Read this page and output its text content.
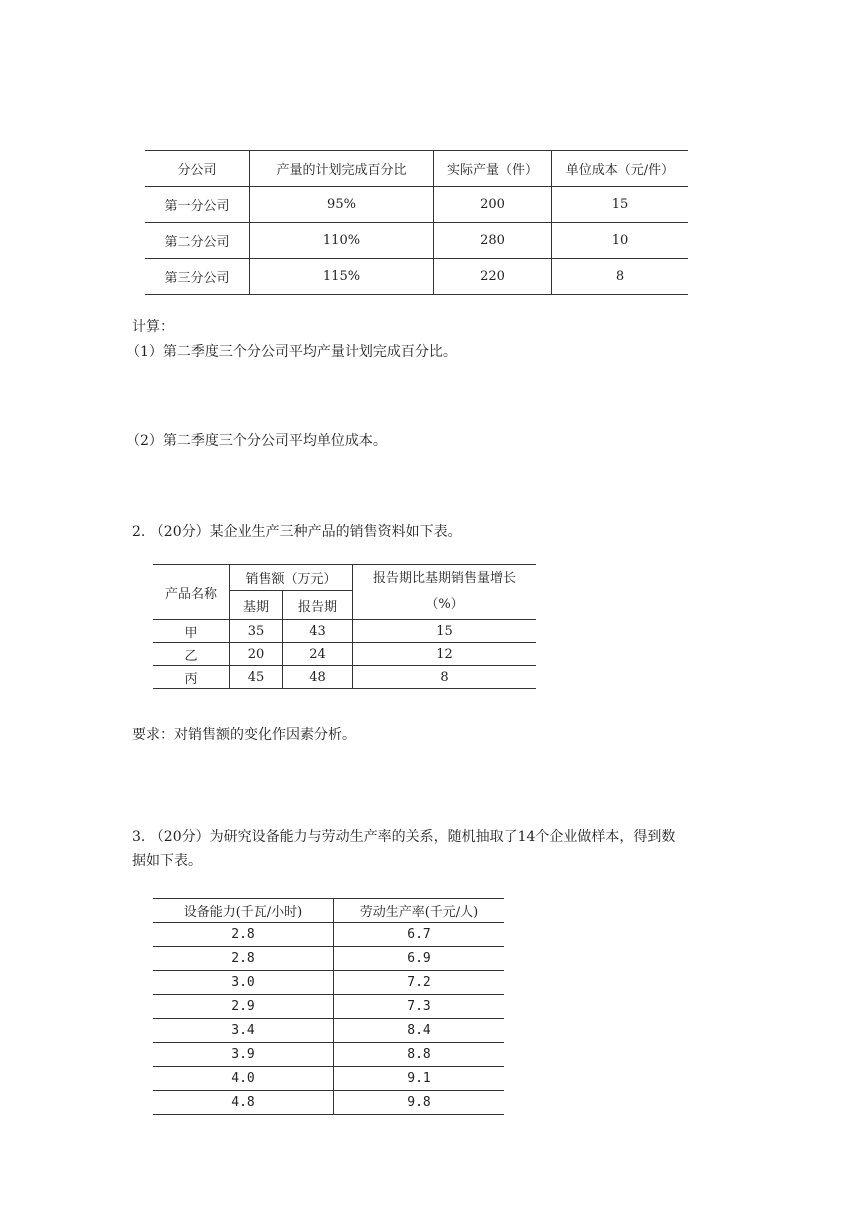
分公司	产量的计划完成百分比	实际产量（件）	单位成本（元/件）
第一分公司	95%	200	15
第二分公司	110%	280	10
第三分公司	115%	220	8
计算：
（1）第二季度三个分公司平均产量计划完成百分比。
（2）第二季度三个分公司平均单位成本。
2. （20分）某企业生产三种产品的销售资料如下表。
产品名称	销售额（万元）		报告期比基期销售量增长
（%）
	基期	报告期	
甲	35	43	15
乙	20	24	12
丙	45	48	8
要求：对销售额的变化作因素分析。
3. （20分）为研究设备能力与劳动生产率的关系，随机抽取了14个企业做样本，得到数
据如下表。
设备能力(千瓦/小时)	劳动生产率(千元/人)
2.8	6.7
2.8	6.9
3.0	7.2
2.9	7.3
3.4	8.4
3.9	8.8
4.0	9.1
4.8	9.8
